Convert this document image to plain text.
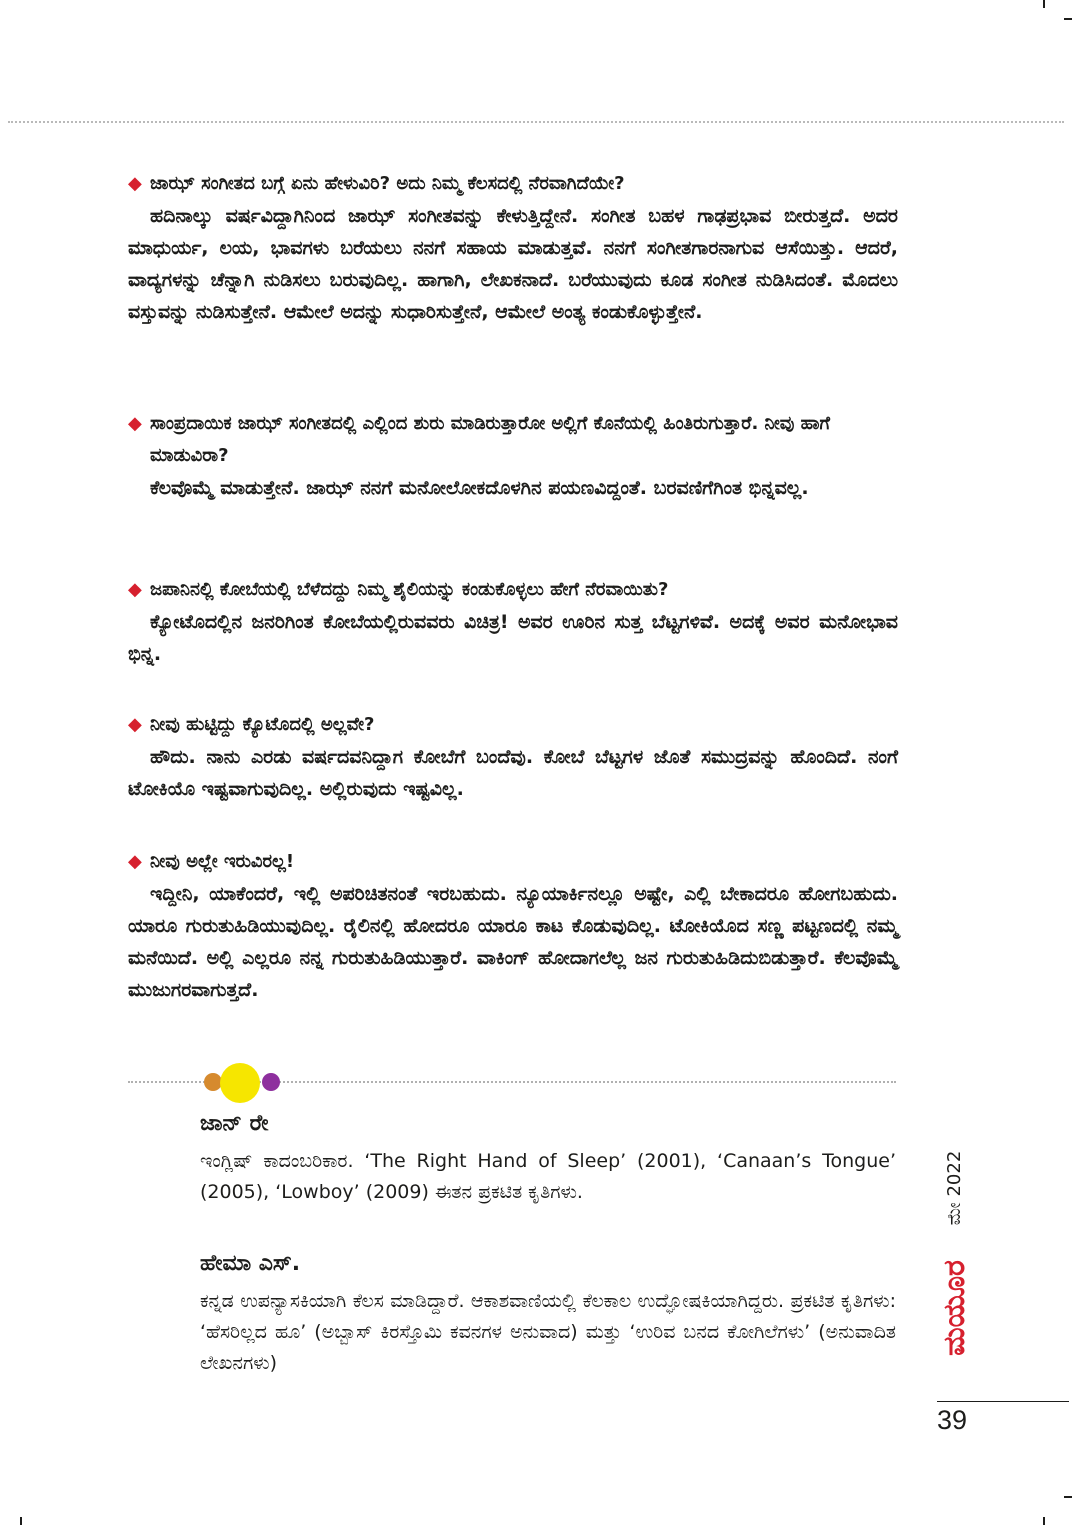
◆ ಜಾಝ್ ಸಂಗೀತದ ಬಗ್ಗೆ ಏನು ಹೇಳುವಿರಿ? ಅದು ನಿಮ್ಮ ಕೆಲಸದಲ್ಲಿ ನೆರವಾಗಿದೆಯೇ?
ಹದಿನಾಲ್ಕು ವರ್ಷವಿದ್ದಾಗಿನಿಂದ ಜಾಝ್ ಸಂಗೀತವನ್ನು ಕೇಳುತ್ತಿದ್ದೇನೆ. ಸಂಗೀತ ಬಹಳ ಗಾಢಪ್ರಭಾವ ಬೀರುತ್ತದೆ. ಅದರ ಮಾಧುರ್ಯ, ಲಯ, ಭಾವಗಳು ಬರೆಯಲು ನನಗೆ ಸಹಾಯ ಮಾಡುತ್ತವೆ. ನನಗೆ ಸಂಗೀತಗಾರನಾಗುವ ಆಸೆಯಿತ್ತು. ಆದರೆ, ವಾದ್ಯಗಳನ್ನು ಚೆನ್ನಾಗಿ ನುಡಿಸಲು ಬರುವುದಿಲ್ಲ. ಹಾಗಾಗಿ, ಲೇಖಕನಾದೆ. ಬರೆಯುವುದು ಕೂಡ ಸಂಗೀತ ನುಡಿಸಿದಂತೆ. ಮೊದಲು ವಸ್ತುವನ್ನು ನುಡಿಸುತ್ತೇನೆ. ಆಮೇಲೆ ಅದನ್ನು ಸುಧಾರಿಸುತ್ತೇನೆ, ಆಮೇಲೆ ಅಂತ್ಯ ಕಂಡುಕೊಳ್ಳುತ್ತೇನೆ.
◆ ಸಾಂಪ್ರದಾಯಿಕ ಜಾಝ್ ಸಂಗೀತದಲ್ಲಿ ಎಲ್ಲಿಂದ ಶುರು ಮಾಡಿರುತ್ತಾರೋ ಅಲ್ಲಿಗೆ ಕೊನೆಯಲ್ಲಿ ಹಿಂತಿರುಗುತ್ತಾರೆ. ನೀವು ಹಾಗೆ ಮಾಡುವಿರಾ?
ಕೆಲವೊಮ್ಮೆ ಮಾಡುತ್ತೇನೆ. ಜಾಝ್ ನನಗೆ ಮನೋಲೋಕದೊಳಗಿನ ಪಯಣವಿದ್ದಂತೆ. ಬರವಣಿಗೆಗಿಂತ ಭಿನ್ನವಲ್ಲ.
◆ ಜಪಾನಿನಲ್ಲಿ ಕೋಬೆಯಲ್ಲಿ ಬೆಳೆದದ್ದು ನಿಮ್ಮ ಶೈಲಿಯನ್ನು ಕಂಡುಕೊಳ್ಳಲು ಹೇಗೆ ನೆರವಾಯಿತು?
ಕ್ಯೋಟೊದಲ್ಲಿನ ಜನರಿಗಿಂತ ಕೋಬೆಯಲ್ಲಿರುವವರು ವಿಚಿತ್ರ! ಅವರ ಊರಿನ ಸುತ್ತ ಬೆಟ್ಟಗಳಿವೆ. ಅದಕ್ಕೆ ಅವರ ಮನೋಭಾವ ಭಿನ್ನ.
◆ ನೀವು ಹುಟ್ಟಿದ್ದು ಕ್ಯೊಟೊದಲ್ಲಿ ಅಲ್ಲವೇ?
ಹೌದು. ನಾನು ಎರಡು ವರ್ಷದವನಿದ್ದಾಗ ಕೋಬೆಗೆ ಬಂದೆವು. ಕೋಬೆ ಬೆಟ್ಟಗಳ ಜೊತೆ ಸಮುದ್ರವನ್ನು ಹೊಂದಿದೆ. ನಂಗೆ ಟೋಕಿಯೊ ಇಷ್ಟವಾಗುವುದಿಲ್ಲ. ಅಲ್ಲಿರುವುದು ಇಷ್ಟವಿಲ್ಲ.
◆ ನೀವು ಅಲ್ಲೇ ಇರುವಿರಲ್ಲ!
ಇದ್ದೀನಿ, ಯಾಕೆಂದರೆ, ಇಲ್ಲಿ ಅಪರಿಚಿತನಂತೆ ಇರಬಹುದು. ನ್ಯೂಯಾರ್ಕಿನಲ್ಲೂ ಅಷ್ಟೇ, ಎಲ್ಲಿ ಬೇಕಾದರೂ ಹೋಗಬಹುದು. ಯಾರೂ ಗುರುತುಹಿಡಿಯುವುದಿಲ್ಲ. ರೈಲಿನಲ್ಲಿ ಹೋದರೂ ಯಾರೂ ಕಾಟ ಕೊಡುವುದಿಲ್ಲ. ಟೋಕಿಯೊದ ಸಣ್ಣ ಪಟ್ಟಣದಲ್ಲಿ ನಮ್ಮ ಮನೆಯಿದೆ. ಅಲ್ಲಿ ಎಲ್ಲರೂ ನನ್ನ ಗುರುತುಹಿಡಿಯುತ್ತಾರೆ. ವಾಕಿಂಗ್ ಹೋದಾಗಲೆಲ್ಲ ಜನ ಗುರುತುಹಿಡಿದುಬಿಡುತ್ತಾರೆ. ಕೆಲವೊಮ್ಮೆ ಮುಜುಗರವಾಗುತ್ತದೆ.
ಜಾನ್ ರೇ
ಇಂಗ್ಲಿಷ್ ಕಾದಂಬರಿಕಾರ. ‘The Right Hand of Sleep’ (2001), ‘Canaan’s Tongue’ (2005), ‘Lowboy’ (2009) ಈತನ ಪ್ರಕಟಿತ ಕೃತಿಗಳು.
ಹೇಮಾ ಎಸ್.
ಕನ್ನಡ ಉಪನ್ಯಾಸಕಿಯಾಗಿ ಕೆಲಸ ಮಾಡಿದ್ದಾರೆ. ಆಕಾಶವಾಣಿಯಲ್ಲಿ ಕೆಲಕಾಲ ಉದ್ಘೋಷಕಿಯಾಗಿದ್ದರು. ಪ್ರಕಟಿತ ಕೃತಿಗಳು: ‘ಹೆಸರಿಲ್ಲದ ಹೂ’ (ಅಬ್ಬಾಸ್ ಕಿರಸ್ತೊಮಿ ಕವನಗಳ ಅನುವಾದ) ಮತ್ತು ‘ಉರಿವ ಬನದ ಕೋಗಿಲೆಗಳು’ (ಅನುವಾದಿತ ಲೇಖನಗಳು)
ಮೇ 2022
ಮಯೂರ
39
